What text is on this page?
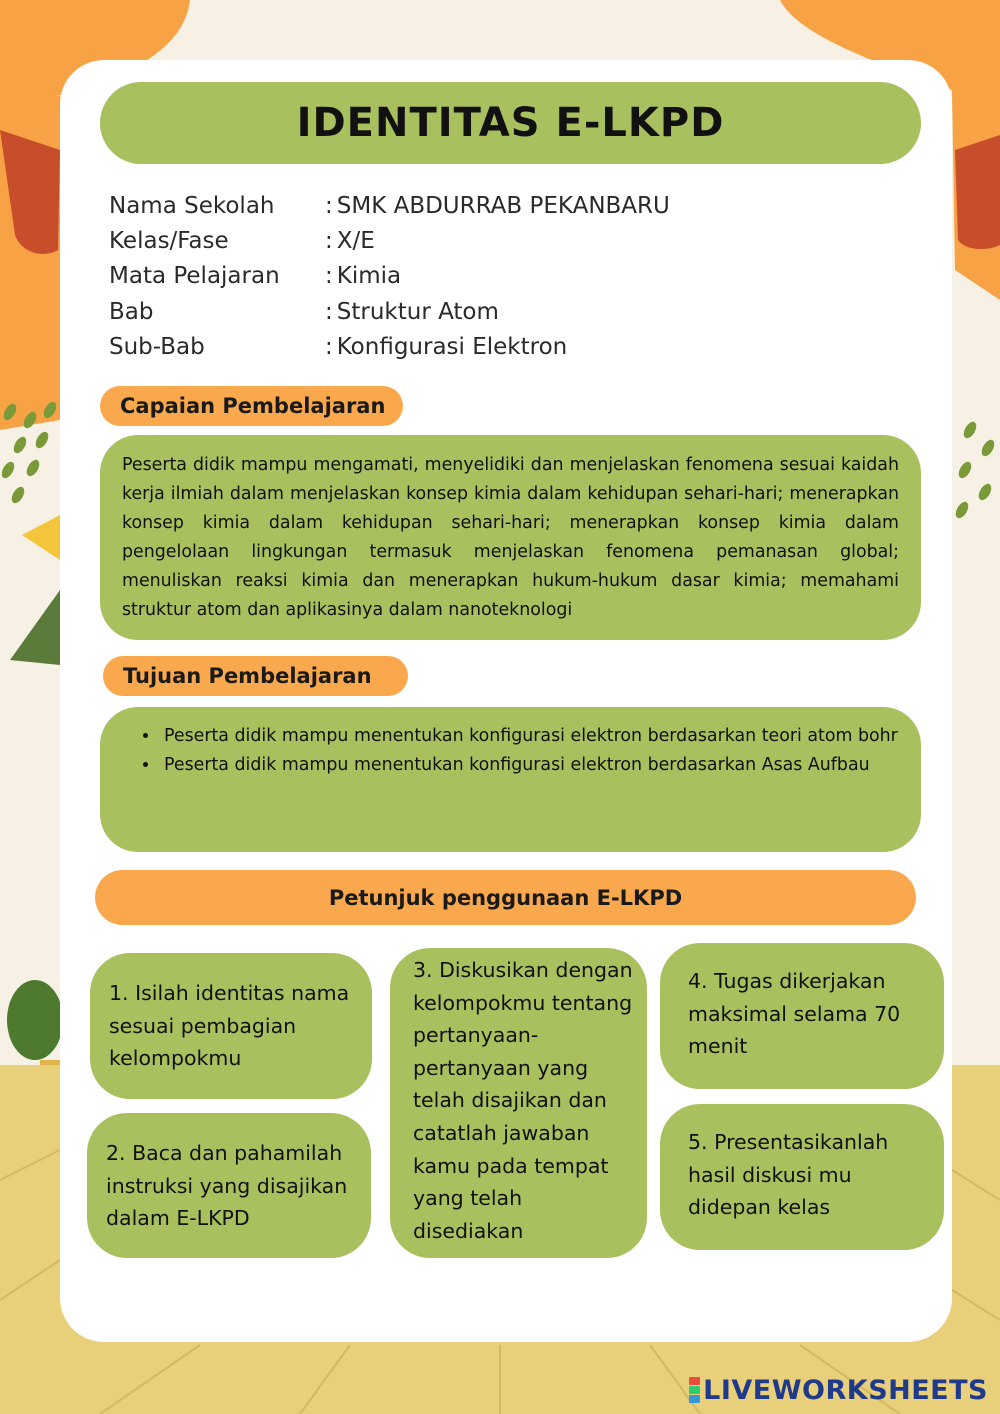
IDENTITAS E-LKPD
Nama Sekolah	: SMK ABDURRAB PEKANBARU
Kelas/Fase	: X/E
Mata Pelajaran	: Kimia
Bab	: Struktur Atom
Sub-Bab	: Konfigurasi Elektron
Capaian Pembelajaran
Peserta didik mampu mengamati, menyelidiki dan menjelaskan fenomena sesuai kaidah kerja ilmiah dalam menjelaskan konsep kimia dalam kehidupan sehari-hari; menerapkan konsep kimia dalam kehidupan sehari-hari; menerapkan konsep kimia dalam pengelolaan lingkungan termasuk menjelaskan fenomena pemanasan global; menuliskan reaksi kimia dan menerapkan hukum-hukum dasar kimia; memahami struktur atom dan aplikasinya dalam nanoteknologi
Tujuan Pembelajaran
• Peserta didik mampu menentukan konfigurasi elektron berdasarkan teori atom bohr
• Peserta didik mampu menentukan konfigurasi elektron berdasarkan Asas Aufbau
Petunjuk penggunaan E-LKPD
1. Isilah identitas nama sesuai pembagian kelompokmu
2. Baca dan pahamilah instruksi yang disajikan dalam E-LKPD
3. Diskusikan dengan kelompokmu tentang pertanyaan-pertanyaan yang telah disajikan dan catatlah jawaban kamu pada tempat yang telah disediakan
4. Tugas dikerjakan maksimal selama 70 menit
5. Presentasikanlah hasil diskusi mu didepan kelas
LIVEWORKSHEETS
